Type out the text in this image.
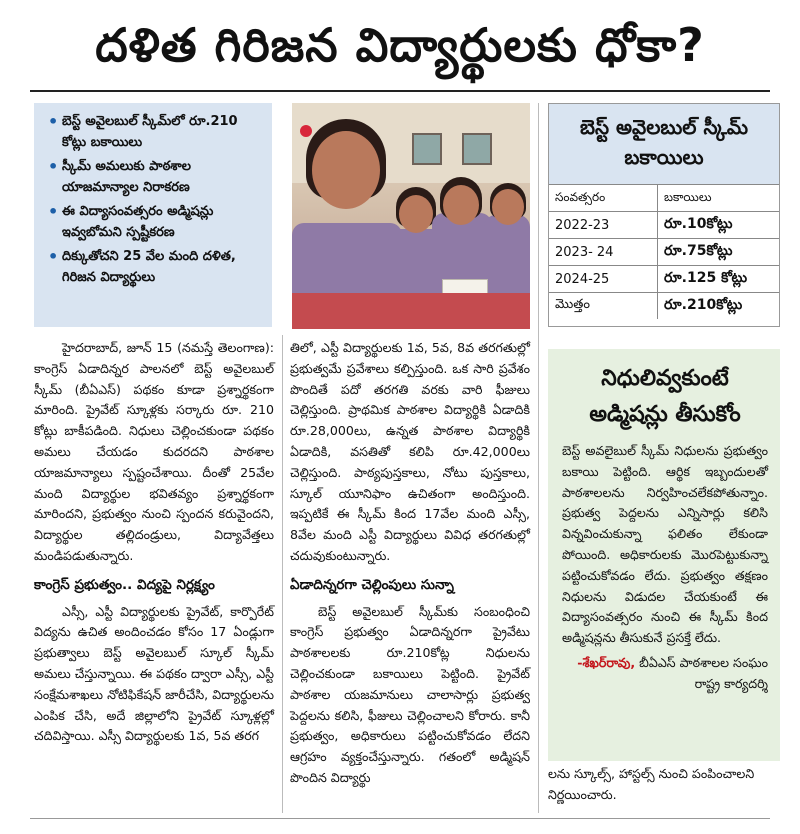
దళిత గిరిజన విద్యార్థులకు ధోకా?
• బెస్ట్ అవైలబుల్ స్కీమ్‌లో రూ.210 కోట్లు బకాయిలు
• స్కీమ్ అమలుకు పాఠశాల యాజమాన్యాల నిరాకరణ
• ఈ విద్యాసంవత్సరం అడ్మిషన్లు ఇవ్వబోమని స్పష్టీకరణ
• దిక్కుతోచని 25 వేల మంది దళిత, గిరిజన విద్యార్థులు
బెస్ట్ అవైలబుల్ స్కీమ్ బకాయిలు
సంవత్సరం	బకాయిలు
2022-23	రూ.10కోట్లు
2023- 24	రూ.75కోట్లు
2024-25	రూ.125 కోట్లు
మొత్తం	రూ.210కోట్లు

హైదరాబాద్, జూన్ 15 (నమస్తే తెలంగాణ): కాంగ్రెస్ ఏడాదిన్నర పాలనలో బెస్ట్ అవైలబుల్ స్కీమ్ (బీఏఎస్) పథకం కూడా ప్రశ్నార్థకంగా మారింది. ప్రైవేట్ స్కూళ్లకు సర్కారు రూ. 210 కోట్లు బాకీపడింది. నిధులు చెల్లించకుండా పథకం అమలు చేయడం కుదరదని పాఠశాల యాజమాన్యాలు స్పష్టంచేశాయి. దీంతో 25వేల మంది విద్యార్థుల భవితవ్యం ప్రశ్నార్థకంగా మారిందని, ప్రభుత్వం నుంచి స్పందన కరువైందని, విద్యార్థుల తల్లిదండ్రులు, విద్యావేత్తలు మండిపడుతున్నారు.

కాంగ్రెస్ ప్రభుత్వం.. విద్యపై నిర్లక్ష్యం

ఎస్సీ, ఎస్టీ విద్యార్థులకు ప్రైవేట్, కార్పొరేట్ విద్యను ఉచిత అందించడం కోసం 17 ఏండ్లుగా ప్రభుత్వాలు బెస్ట్ అవైలబుల్ స్కూల్ స్కీమ్ అమలు చేస్తున్నాయి. ఈ పథకం ద్వారా ఎస్సీ, ఎస్టీ సంక్షేమశాఖలు నోటిఫికేషన్ జారీచేసి, విద్యార్థులను ఎంపిక చేసి, అదే జిల్లాలోని ప్రైవేట్ స్కూళ్లల్లో చదివిస్తాయి. ఎస్సీ విద్యార్థులకు 1వ, 5వ తరగ

తిలో, ఎస్టీ విద్యార్థులకు 1వ, 5వ, 8వ తరగతుల్లో ప్రభుత్వమే ప్రవేశాలు కల్పిస్తుంది. ఒక సారి ప్రవేశం పొందితే పదో తరగతి వరకు వారి ఫీజులు చెల్లిస్తుంది. ప్రాథమిక పాఠశాల విద్యార్థికి ఏడాదికి రూ.28,000లు, ఉన్నత పాఠశాల విద్యార్థికి ఏడాదికి, వసతితో కలిపి రూ.42,000లు చెల్లిస్తుంది. పాఠ్యపుస్తకాలు, నోటు పుస్తకాలు, స్కూల్ యూనిఫాం ఉచితంగా అందిస్తుంది. ఇప్పటికే ఈ స్కీమ్ కింద 17వేల మంది ఎస్సీ, 8వేల మంది ఎస్టీ విద్యార్థులు వివిధ తరగతుల్లో చదువుకుంటున్నారు.

ఏడాదిన్నరగా చెల్లింపులు సున్నా

బెస్ట్ అవైలబుల్ స్కీమ్‌కు సంబంధించి కాంగ్రెస్ ప్రభుత్వం ఏడాదిన్నరగా ప్రైవేటు పాఠశాలలకు రూ.210కోట్ల నిధులను చెల్లించకుండా బకాయిలు పెట్టింది. ప్రైవేట్ పాఠశాల యజమానులు చాలాసార్లు ప్రభుత్వ పెద్దలను కలిసి, ఫీజులు చెల్లించాలని కోరారు. కానీ ప్రభుత్వం, అధికారులు పట్టించుకోవడం లేదని ఆగ్రహం వ్యక్తంచేస్తున్నారు. గతంలో అడ్మిషన్ పొందిన విద్యార్థు

నిధులివ్వకుంటే అడ్మిషన్లు తీసుకోం
బెస్ట్ అవలైబుల్ స్కీమ్ నిధులను ప్రభుత్వం బకాయి పెట్టింది. ఆర్థిక ఇబ్బందులతో పాఠశాలలను నిర్వహించలేకపోతున్నాం. ప్రభుత్వ పెద్దలను ఎన్నిసార్లు కలిసి విన్నవించుకున్నా ఫలితం లేకుండా పోయింది. అధికారులకు మొరపెట్టుకున్నా పట్టించుకోవడం లేదు. ప్రభుత్వం తక్షణం నిధులను విడుదల చేయకుంటే ఈ విద్యాసంవత్సరం నుంచి ఈ స్కీమ్ కింద అడ్మిషన్లను తీసుకునే ప్రసక్తే లేదు.
-శేఖర్‌రావు, బీఏఎస్ పాఠశాలల సంఘం రాష్ట్ర కార్యదర్శి
లను స్కూల్స్, హాస్టల్స్ నుంచి పంపించాలని నిర్ణయించారు.
